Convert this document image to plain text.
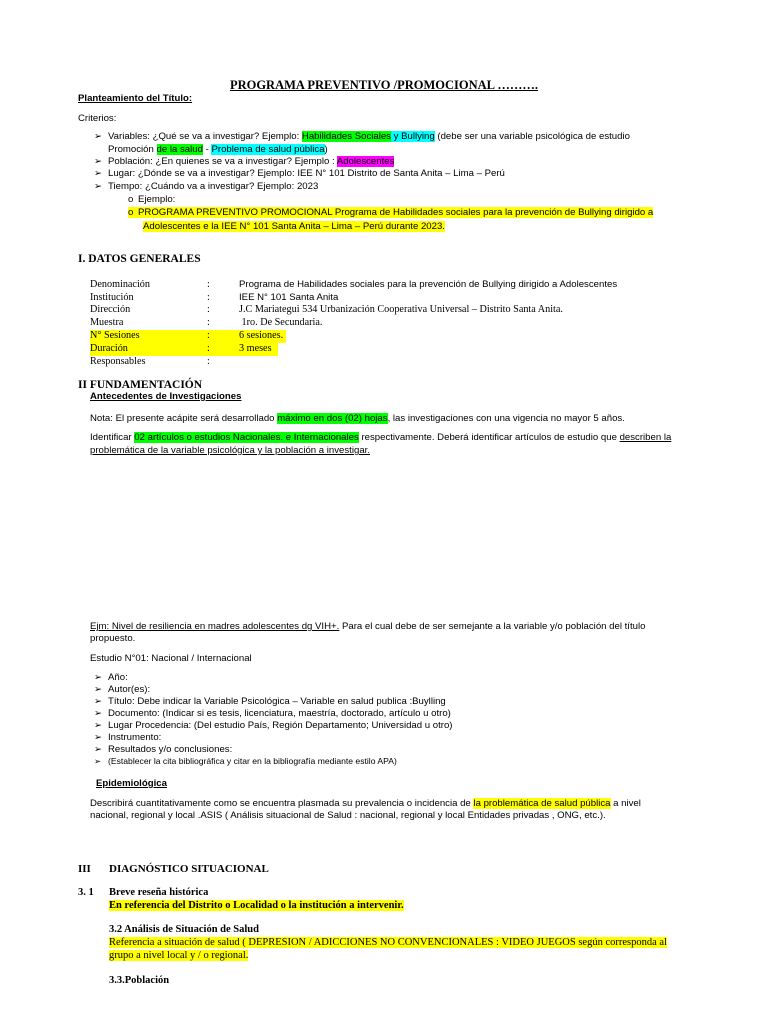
PROGRAMA PREVENTIVO /PROMOCIONAL ……….
Planteamiento del Título:
Criterios:
➢ Variables: ¿Qué se va a investigar? Ejemplo: Habilidades Sociales y Bullying (debe ser una variable psicológica de estudio
Promoción de la salud - Problema de salud pública)
➢ Población: ¿En quienes se va a investigar? Ejemplo : Adolescentes
➢ Lugar: ¿Dónde se va a investigar? Ejemplo: IEE N° 101 Distrito de Santa Anita – Lima – Perú
➢ Tiempo: ¿Cuándo va a investigar? Ejemplo: 2023
o Ejemplo:
o PROGRAMA PREVENTIVO PROMOCIONAL Programa de Habilidades sociales para la prevención de Bullying dirigido a
Adolescentes e la IEE N° 101 Santa Anita – Lima – Perú durante 2023.
I. DATOS GENERALES
Denominación	:	Programa de Habilidades sociales para la prevención de Bullying dirigido a Adolescentes
Institución	:	IEE N° 101 Santa Anita
Dirección	:	J.C Mariategui 534 Urbanización Cooperativa Universal – Distrito Santa Anita.
Muestra	:	1ro. De Secundaria.
N° Sesiones	:	6 sesiones.
Duración	:	3 meses
Responsables	:
II FUNDAMENTACIÓN
Antecedentes de Investigaciones
Nota: El presente acápite será desarrollado máximo en dos (02) hojas, las investigaciones con una vigencia no mayor 5 años.
Identificar 02 artículos o estudios Nacionales. e Internacionales respectivamente. Deberá identificar artículos de estudio que describen la
problemática de la variable psicológica y la población a investigar.
Ejm: Nivel de resiliencia en madres adolescentes dg VIH+. Para el cual debe de ser semejante a la variable y/o población del título
propuesto.
Estudio N°01: Nacional / Internacional
➢ Año:
➢ Autor(es):
➢ Título: Debe indicar la Variable Psicológica – Variable en salud publica :Buylling
➢ Documento: (Indicar si es tesis, licenciatura, maestría, doctorado, artículo u otro)
➢ Lugar Procedencia: (Del estudio País, Región Departamento; Universidad u otro)
➢ Instrumento:
➢ Resultados y/o conclusiones:
➢ (Establecer la cita bibliográfica y citar en la bibliografía mediante estilo APA)
Epidemiológica
Describirá cuantitativamente como se encuentra plasmada su prevalencia o incidencia de la problemática de salud pública a nivel
nacional, regional y local .ASIS ( Análisis situacional de Salud : nacional, regional y local Entidades privadas , ONG, etc.).
III DIAGNÓSTICO SITUACIONAL
3. 1 Breve reseña histórica
En referencia del Distrito o Localidad o la institución a intervenir.
3.2 Análisis de Situación de Salud
Referencia a situación de salud ( DEPRESION / ADICCIONES NO CONVENCIONALES : VIDEO JUEGOS según corresponda al
grupo a nivel local y / o regional.
3.3.Población
